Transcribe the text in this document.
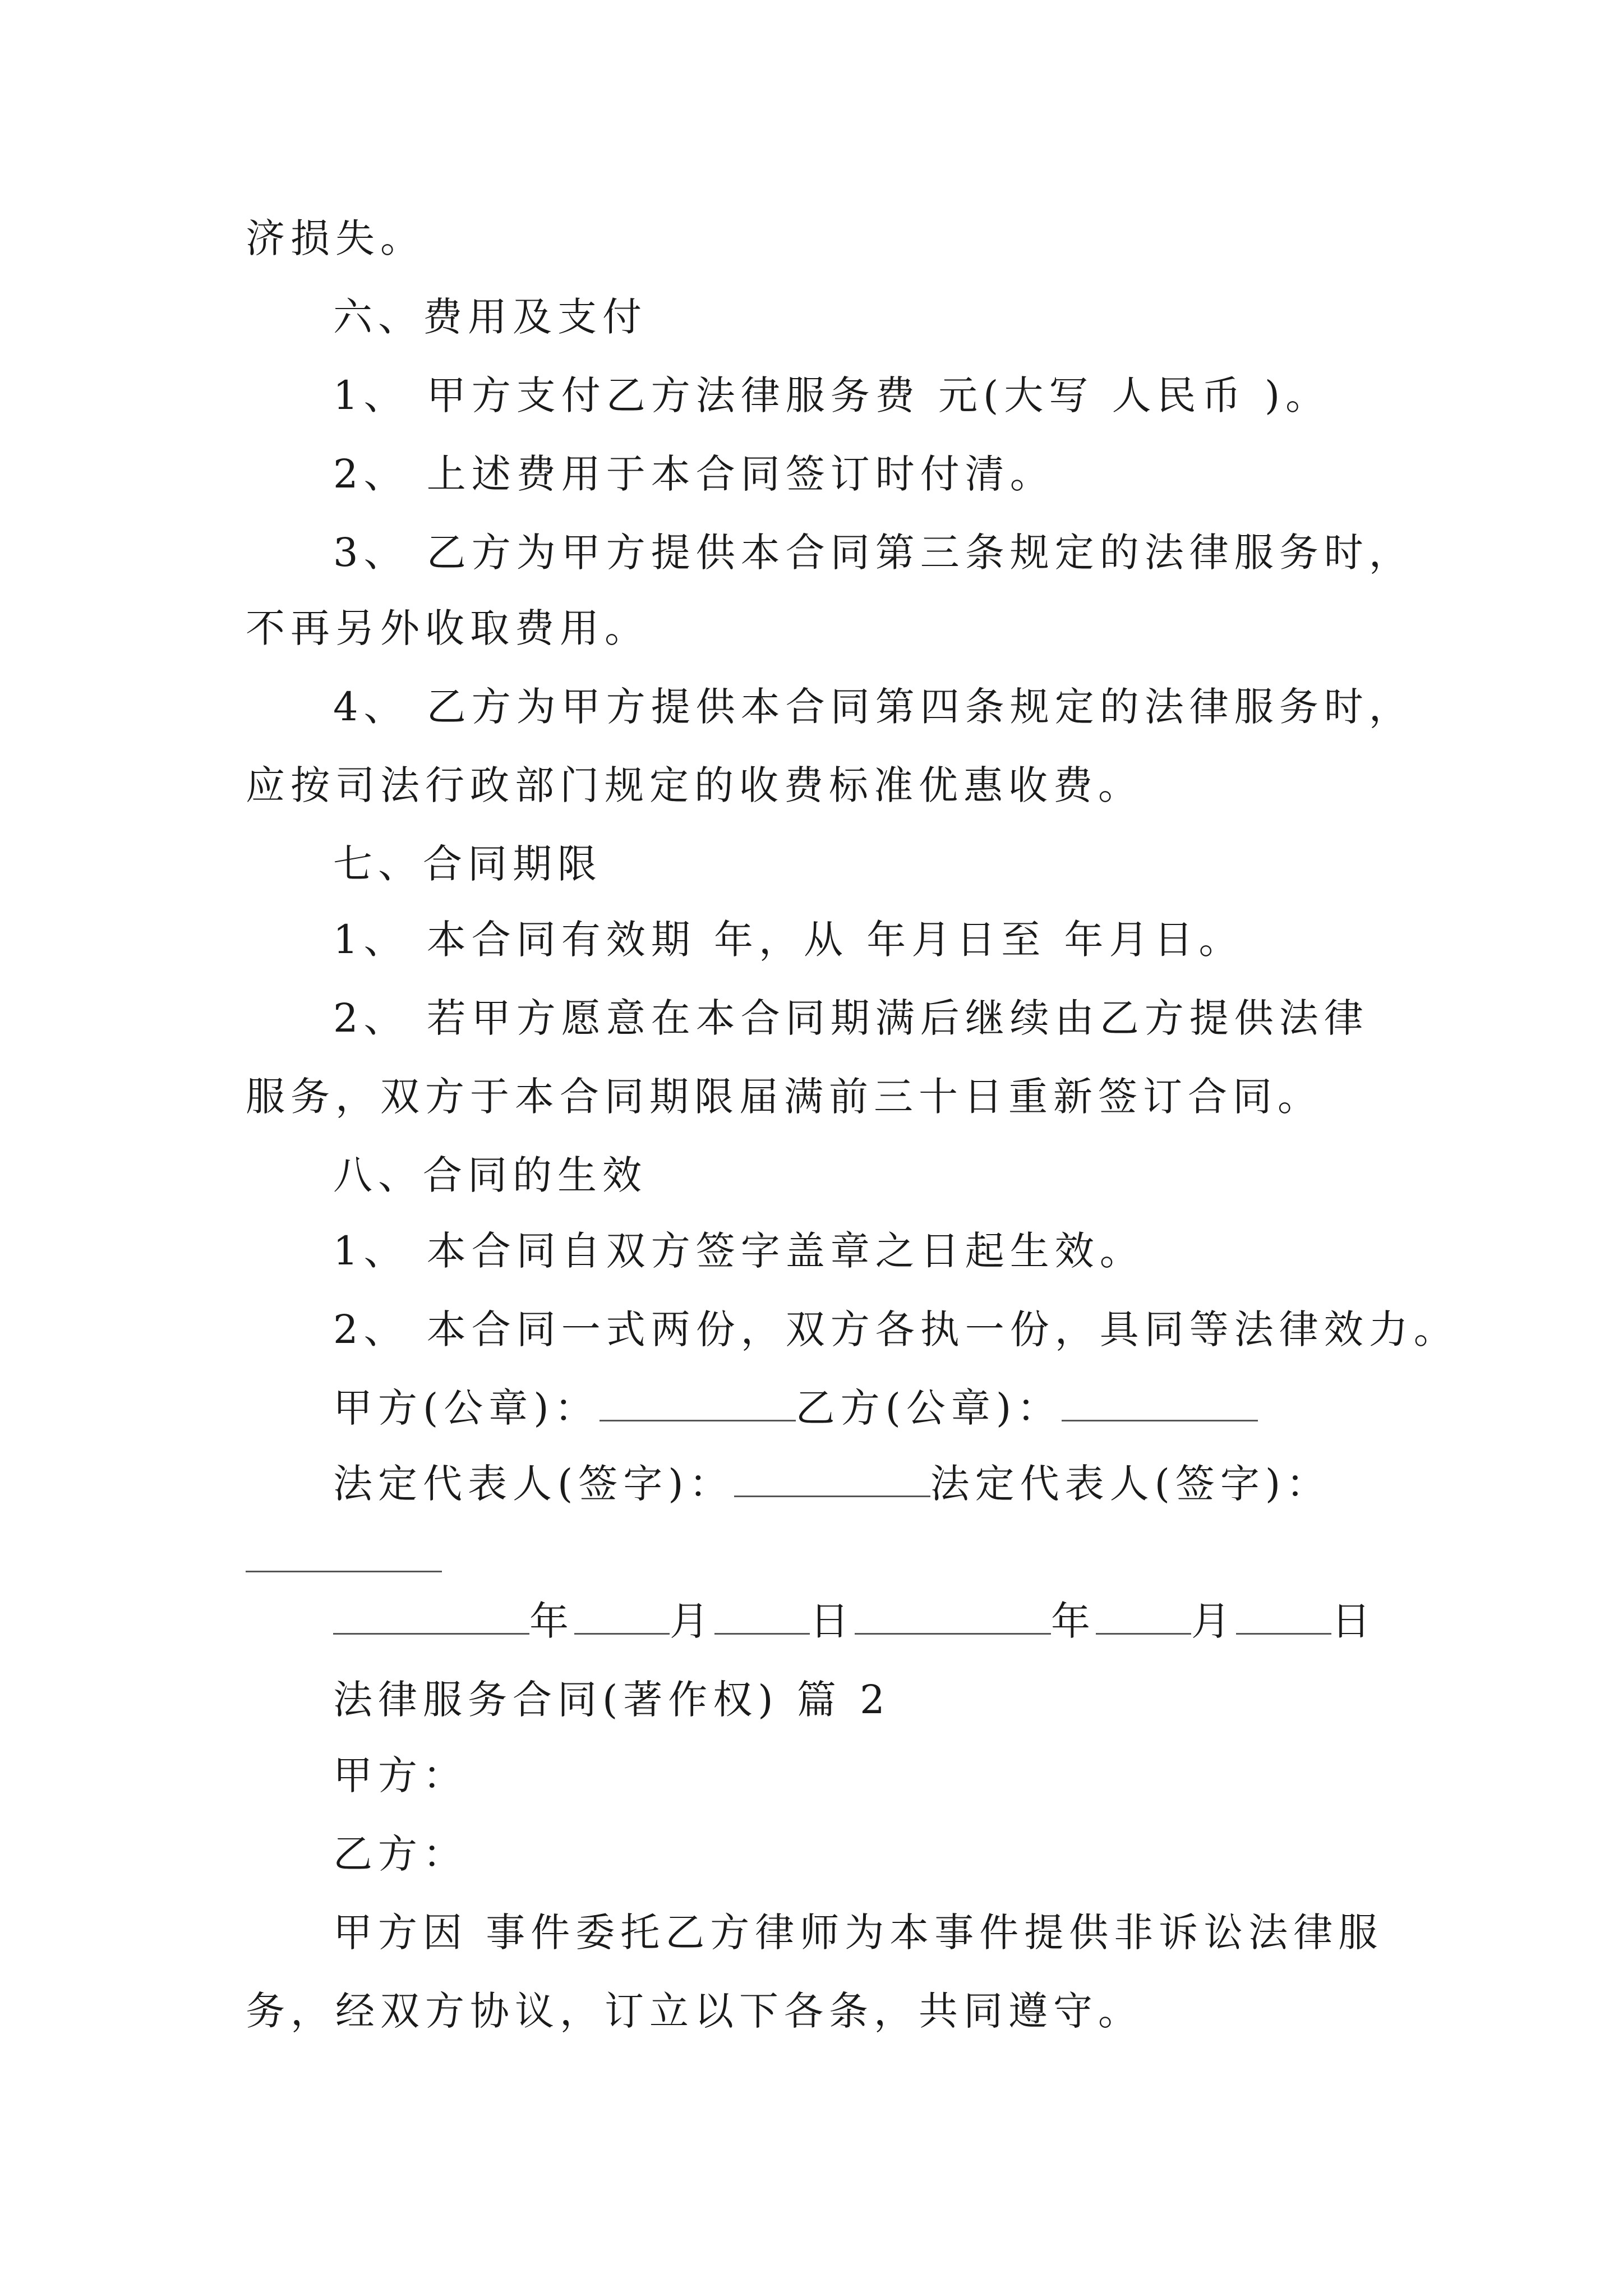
济损失。
六、费用及支付
1、 甲方支付乙方法律服务费 元(大写 人民币 )。
2、 上述费用于本合同签订时付清。
3、 乙方为甲方提供本合同第三条规定的法律服务时，
不再另外收取费用。
4、 乙方为甲方提供本合同第四条规定的法律服务时，
应按司法行政部门规定的收费标准优惠收费。
七、合同期限
1、 本合同有效期 年，从 年月日至 年月日。
2、 若甲方愿意在本合同期满后继续由乙方提供法律
服务，双方于本合同期限届满前三十日重新签订合同。
八、合同的生效
1、 本合同自双方签字盖章之日起生效。
2、 本合同一式两份，双方各执一份，具同等法律效力。
甲方(公章)：	乙方(公章)：
法定代表人(签字)：	法定代表人(签字)：
年 月 日	年 月 日
法律服务合同(著作权) 篇 2
甲方：
乙方：
甲方因 事件委托乙方律师为本事件提供非诉讼法律服
务，经双方协议，订立以下各条，共同遵守。
